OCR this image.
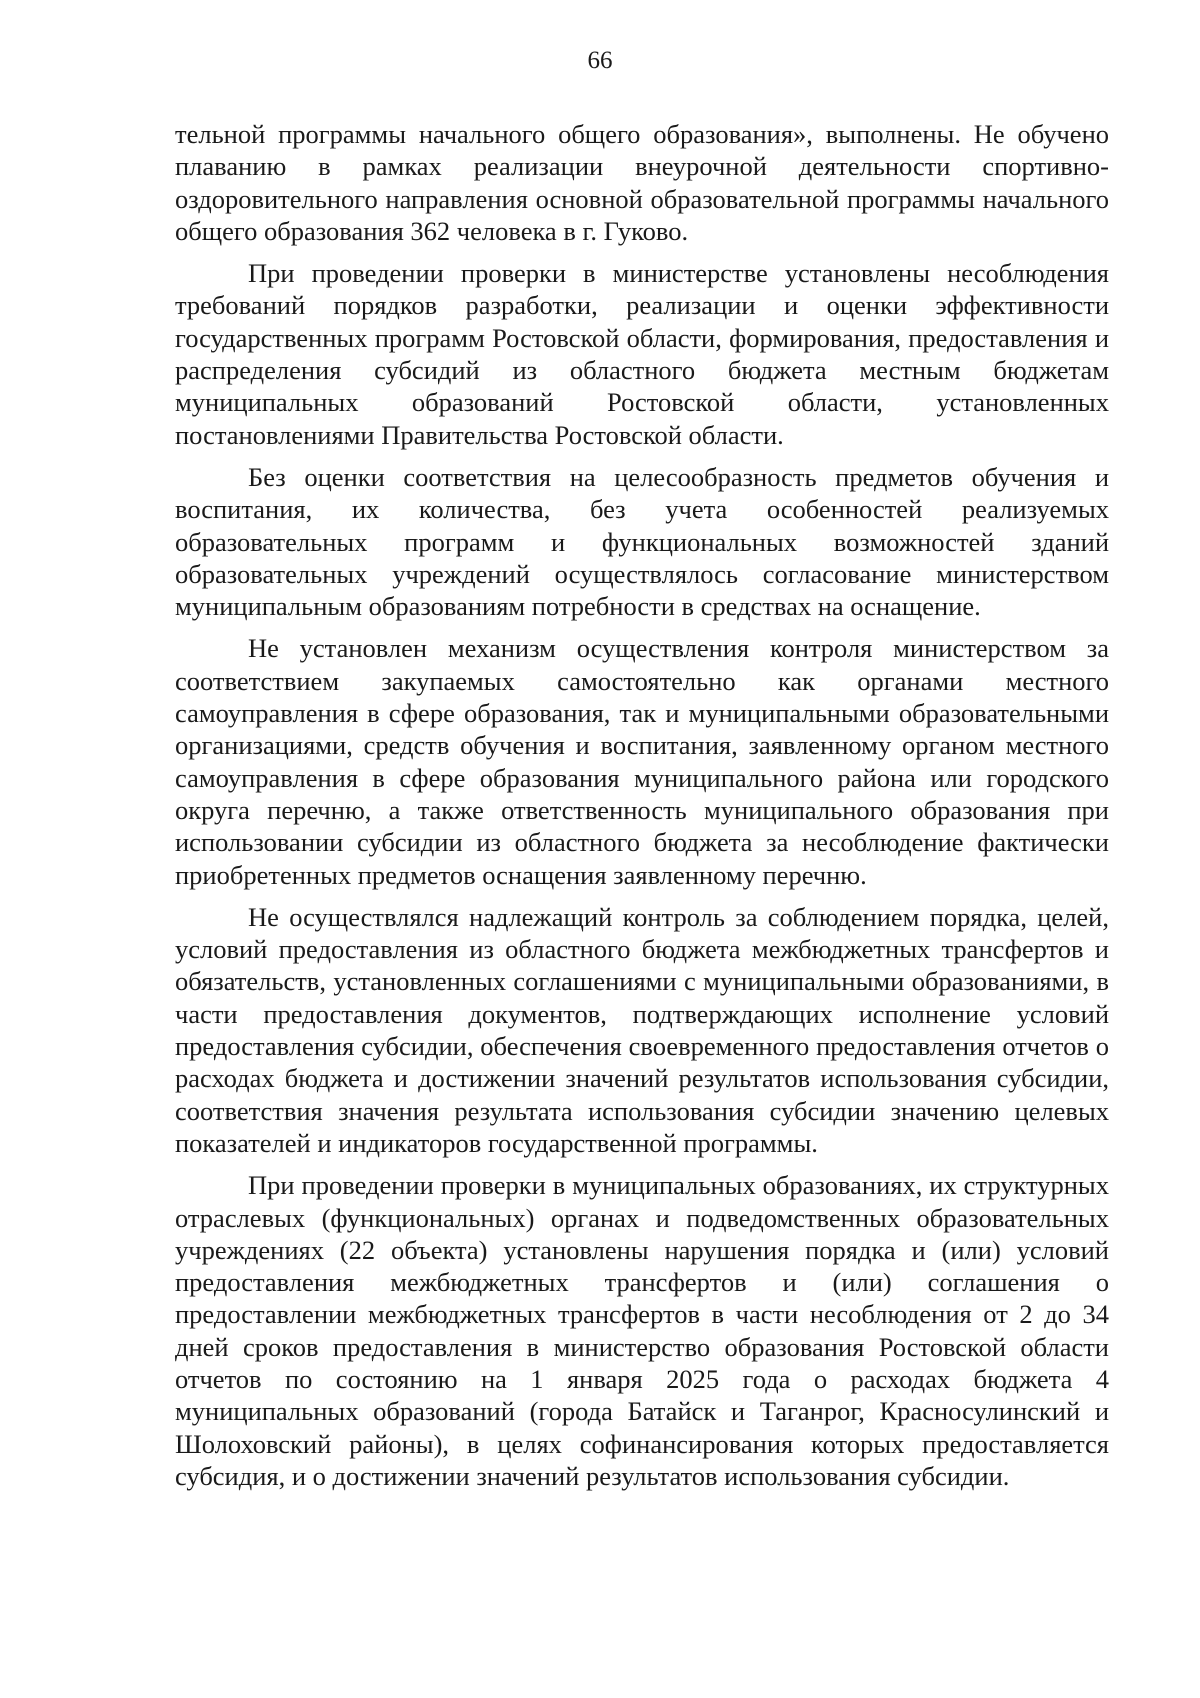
66

тельной программы начального общего образования», выполнены. Не обучено плаванию в рамках реализации внеурочной деятельности спортивно-оздоровительного направления основной образовательной программы начального общего образования 362 человека в г. Гуково.

При проведении проверки в министерстве установлены несоблюдения требований порядков разработки, реализации и оценки эффективности государственных программ Ростовской области, формирования, предоставления и распределения субсидий из областного бюджета местным бюджетам муниципальных образований Ростовской области, установленных постановлениями Правительства Ростовской области.

Без оценки соответствия на целесообразность предметов обучения и воспитания, их количества, без учета особенностей реализуемых образовательных программ и функциональных возможностей зданий образовательных учреждений осуществлялось согласование министерством муниципальным образованиям потребности в средствах на оснащение.

Не установлен механизм осуществления контроля министерством за соответствием закупаемых самостоятельно как органами местного самоуправления в сфере образования, так и муниципальными образовательными организациями, средств обучения и воспитания, заявленному органом местного самоуправления в сфере образования муниципального района или городского округа перечню, а также ответственность муниципального образования при использовании субсидии из областного бюджета за несоблюдение фактически приобретенных предметов оснащения заявленному перечню.

Не осуществлялся надлежащий контроль за соблюдением порядка, целей, условий предоставления из областного бюджета межбюджетных трансфертов и обязательств, установленных соглашениями с муниципальными образованиями, в части предоставления документов, подтверждающих исполнение условий предоставления субсидии, обеспечения своевременного предоставления отчетов о расходах бюджета и достижении значений результатов использования субсидии, соответствия значения результата использования субсидии значению целевых показателей и индикаторов государственной программы.

При проведении проверки в муниципальных образованиях, их структурных отраслевых (функциональных) органах и подведомственных образовательных учреждениях (22 объекта) установлены нарушения порядка и (или) условий предоставления межбюджетных трансфертов и (или) соглашения о предоставлении межбюджетных трансфертов в части несоблюдения от 2 до 34 дней сроков предоставления в министерство образования Ростовской области отчетов по состоянию на 1 января 2025 года о расходах бюджета 4 муниципальных образований (города Батайск и Таганрог, Красносулинский и Шолоховский районы), в целях софинансирования которых предоставляется субсидия, и о достижении значений результатов использования субсидии.
